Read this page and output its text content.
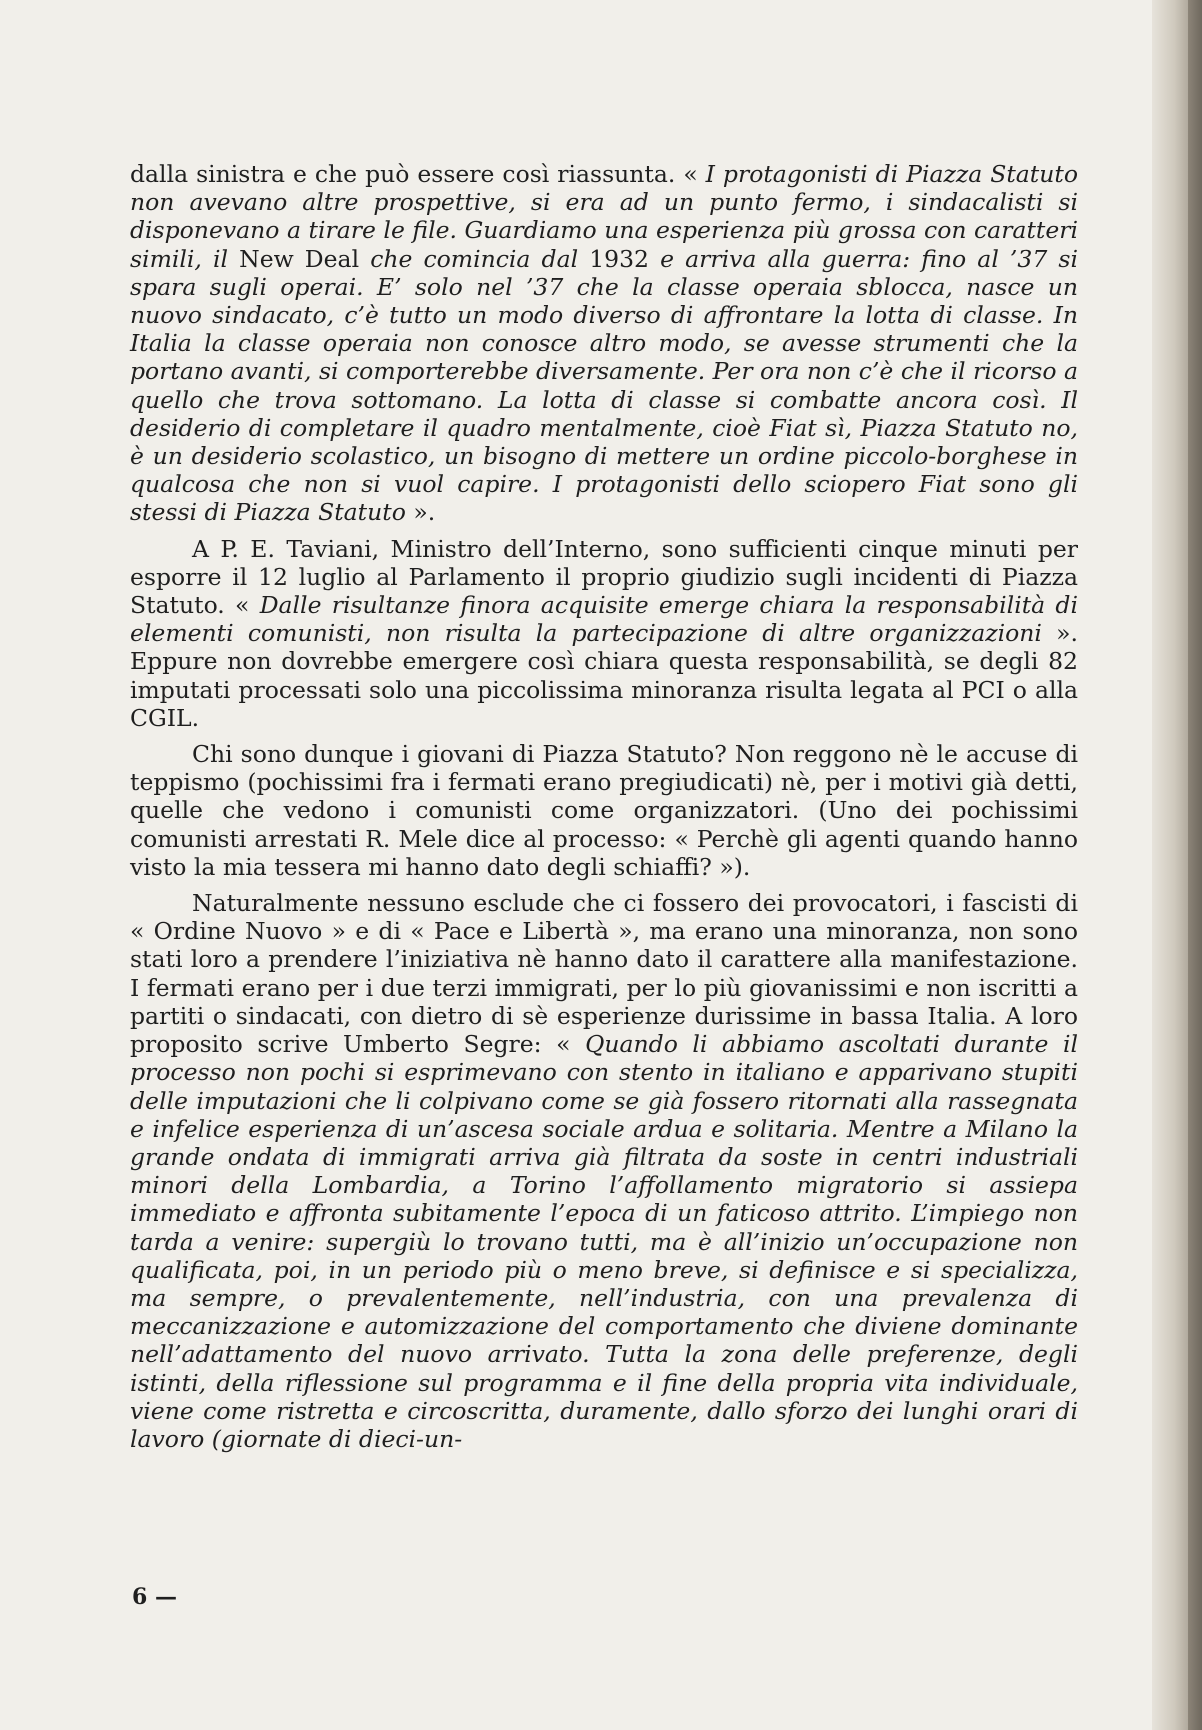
dalla sinistra e che può essere così riassunta. « I protagonisti di Piazza Statuto non avevano altre prospettive, si era ad un punto fermo, i sindacalisti si disponevano a tirare le file. Guardiamo una esperienza più grossa con caratteri simili, il New Deal che comincia dal 1932 e arriva alla guerra: fino al ’37 si spara sugli operai. E’ solo nel ’37 che la classe operaia sblocca, nasce un nuovo sindacato, c’è tutto un modo diverso di affrontare la lotta di classe. In Italia la classe operaia non conosce altro modo, se avesse strumenti che la portano avanti, si comporterebbe diversamente. Per ora non c’è che il ricorso a quello che trova sottomano. La lotta di classe si combatte ancora così. Il desiderio di completare il quadro mentalmente, cioè Fiat sì, Piazza Statuto no, è un desiderio scolastico, un bisogno di mettere un ordine piccolo-borghese in qualcosa che non si vuol capire. I protagonisti dello sciopero Fiat sono gli stessi di Piazza Statuto ».

A P. E. Taviani, Ministro dell’Interno, sono sufficienti cinque minuti per esporre il 12 luglio al Parlamento il proprio giudizio sugli incidenti di Piazza Statuto. « Dalle risultanze finora acquisite emerge chiara la responsabilità di elementi comunisti, non risulta la partecipazione di altre organizzazioni ». Eppure non dovrebbe emergere così chiara questa responsabilità, se degli 82 imputati processati solo una piccolissima minoranza risulta legata al PCI o alla CGIL.

Chi sono dunque i giovani di Piazza Statuto? Non reggono nè le accuse di teppismo (pochissimi fra i fermati erano pregiudicati) nè, per i motivi già detti, quelle che vedono i comunisti come organizzatori. (Uno dei pochissimi comunisti arrestati R. Mele dice al processo: « Perchè gli agenti quando hanno visto la mia tessera mi hanno dato degli schiaffi? »).

Naturalmente nessuno esclude che ci fossero dei provocatori, i fascisti di « Ordine Nuovo » e di « Pace e Libertà », ma erano una minoranza, non sono stati loro a prendere l’iniziativa nè hanno dato il carattere alla manifestazione. I fermati erano per i due terzi immigrati, per lo più giovanissimi e non iscritti a partiti o sindacati, con dietro di sè esperienze durissime in bassa Italia. A loro proposito scrive Umberto Segre: « Quando li abbiamo ascoltati durante il processo non pochi si esprimevano con stento in italiano e apparivano stupiti delle imputazioni che li colpivano come se già fossero ritornati alla rassegnata e infelice esperienza di un’ascesa sociale ardua e solitaria. Mentre a Milano la grande ondata di immigrati arriva già filtrata da soste in centri industriali minori della Lombardia, a Torino l’affollamento migratorio si assiepa immediato e affronta subitamente l’epoca di un faticoso attrito. L’impiego non tarda a venire: supergiù lo trovano tutti, ma è all’inizio un’occupazione non qualificata, poi, in un periodo più o meno breve, si definisce e si specializza, ma sempre, o prevalentemente, nell’industria, con una prevalenza di meccanizzazione e automizzazione del comportamento che diviene dominante nell’adattamento del nuovo arrivato. Tutta la zona delle preferenze, degli istinti, della riflessione sul programma e il fine della propria vita individuale, viene come ristretta e circoscritta, duramente, dallo sforzo dei lunghi orari di lavoro (giornate di dieci-un-

6 —
